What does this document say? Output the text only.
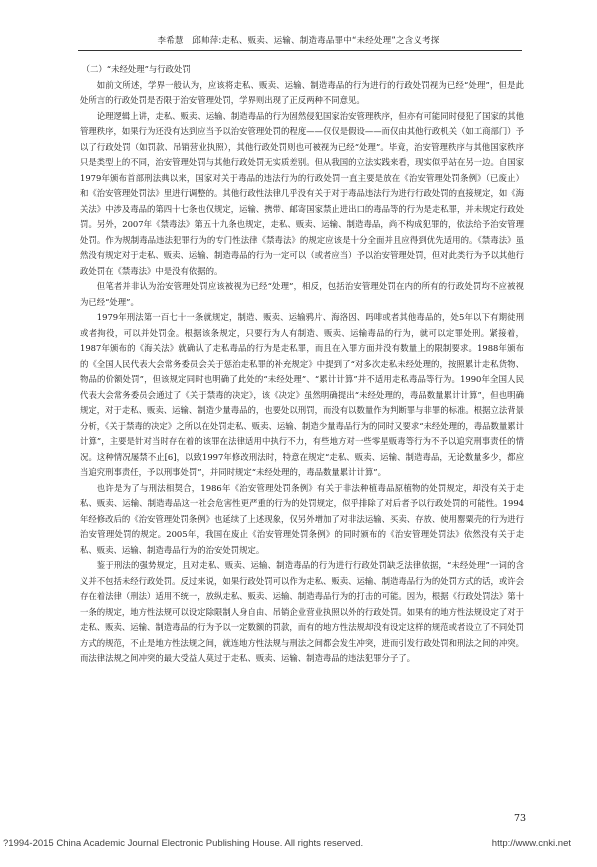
李希慧　邱帅萍:走私、贩卖、运输、制造毒品罪中“未经处理”之含义考探

（二）“未经处理”与行政处罚

如前文所述，学界一般认为，应该将走私、贩卖、运输、制造毒品的行为进行的行政处罚视为已经“处理”，但是此处所言的行政处罚是否限于治安管理处罚，学界则出现了正反两种不同意见。

论理逻辑上讲，走私、贩卖、运输、制造毒品的行为固然侵犯国家治安管理秩序，但亦有可能同时侵犯了国家的其他管理秩序，如果行为还没有达到应当予以治安管理处罚的程度——仅仅是假设——而仅由其他行政机关（如工商部门）予以了行政处罚（如罚款、吊销营业执照），其他行政处罚则也可被视为已经“处理”。毕竟，治安管理秩序与其他国家秩序只是类型上的不同，治安管理处罚与其他行政处罚无实质差别。但从我国的立法实践来看，现实似乎站在另一边。自国家1979年颁布首部刑法典以来，国家对关于毒品的违法行为的行政处罚一直主要是放在《治安管理处罚条例》（已废止）和《治安管理处罚法》里进行调整的。其他行政性法律几乎没有关于对于毒品违法行为进行行政处罚的直接规定，如《海关法》中涉及毒品的第四十七条也仅规定，运输、携带、邮寄国家禁止进出口的毒品等的行为是走私罪，并未规定行政处罚。另外，2007年《禁毒法》第五十九条也规定，走私、贩卖、运输、制造毒品，尚不构成犯罪的，依法给予治安管理处罚。作为规制毒品违法犯罪行为的专门性法律《禁毒法》的规定应该是十分全面并且应得到优先适用的。《禁毒法》虽然没有规定对于走私、贩卖、运输、制造毒品的行为一定可以（或者应当）予以治安管理处罚，但对此类行为予以其他行政处罚在《禁毒法》中是没有依据的。

但笔者并非认为治安管理处罚应该被视为已经“处理”，相反，包括治安管理处罚在内的所有的行政处罚均不应被视为已经“处理”。

1979年刑法第一百七十一条就规定，制造、贩卖、运输鸦片、海洛因、吗啡或者其他毒品的，处5年以下有期徒刑或者拘役，可以并处罚金。根据该条规定，只要行为人有制造、贩卖、运输毒品的行为，就可以定罪处刑。紧接着，1987年颁布的《海关法》就确认了走私毒品的行为是走私罪，而且在入罪方面并没有数量上的限制要求。1988年颁布的《全国人民代表大会常务委员会关于惩治走私罪的补充规定》中提到了“对多次走私未经处理的，按照累计走私货物、物品的价额处罚”，但该规定同时也明确了此处的“未经处理”、“累计计算”并不适用走私毒品等行为。1990年全国人民代表大会常务委员会通过了《关于禁毒的决定》，该《决定》虽然明确提出“未经处理的，毒品数量累计计算”，但也明确规定，对于走私、贩卖、运输、制造少量毒品的，也要处以刑罚，而没有以数量作为判断罪与非罪的标准。根据立法背景分析，《关于禁毒的决定》之所以在处罚走私、贩卖、运输、制造少量毒品行为的同时又要求“未经处理的，毒品数量累计计算”，主要是针对当时存在着的该罪在法律适用中执行不力，有些地方对一些零星贩毒等行为不予以追究刑事责任的情况。这种情况屡禁不止[6]，以致1997年修改刑法时，特意在规定“走私、贩卖、运输、制造毒品，无论数量多少，都应当追究刑事责任，予以刑事处罚”，并同时规定“未经处理的，毒品数量累计计算”。

也许是为了与刑法相契合，1986年《治安管理处罚条例》有关于非法种植毒品原植物的处罚规定，却没有关于走私、贩卖、运输、制造毒品这一社会危害性更严重的行为的处罚规定，似乎排除了对后者予以行政处罚的可能性。1994年经修改后的《治安管理处罚条例》也延续了上述现象，仅另外增加了对非法运输、买卖、存放、使用罂粟壳的行为进行治安管理处罚的规定。2005年，我国在废止《治安管理处罚条例》的同时颁布的《治安管理处罚法》依然没有关于走私、贩卖、运输、制造毒品行为的治安处罚规定。

鉴于刑法的强势规定，且对走私、贩卖、运输、制造毒品的行为进行行政处罚缺乏法律依据，“未经处理”一词的含义并不包括未经行政处罚。反过来说，如果行政处罚可以作为走私、贩卖、运输、制造毒品行为的处罚方式的话，或许会存在着法律（刑法）适用不统一，放纵走私、贩卖、运输、制造毒品行为的打击的可能。因为，根据《行政处罚法》第十一条的规定，地方性法规可以设定除限制人身自由、吊销企业营业执照以外的行政处罚。如果有的地方性法规设定了对于走私、贩卖、运输、制造毒品的行为予以一定数额的罚款，而有的地方性法规却没有设定这样的规范或者设立了不同处罚方式的规范，不止是地方性法规之间，就连地方性法规与刑法之间都会发生冲突，进而引发行政处罚和刑法之间的冲突。而法律法规之间冲突的最大受益人莫过于走私、贩卖、运输、制造毒品的违法犯罪分子了。

73
?1994-2015 China Academic Journal Electronic Publishing House. All rights reserved.	http://www.cnki.net
